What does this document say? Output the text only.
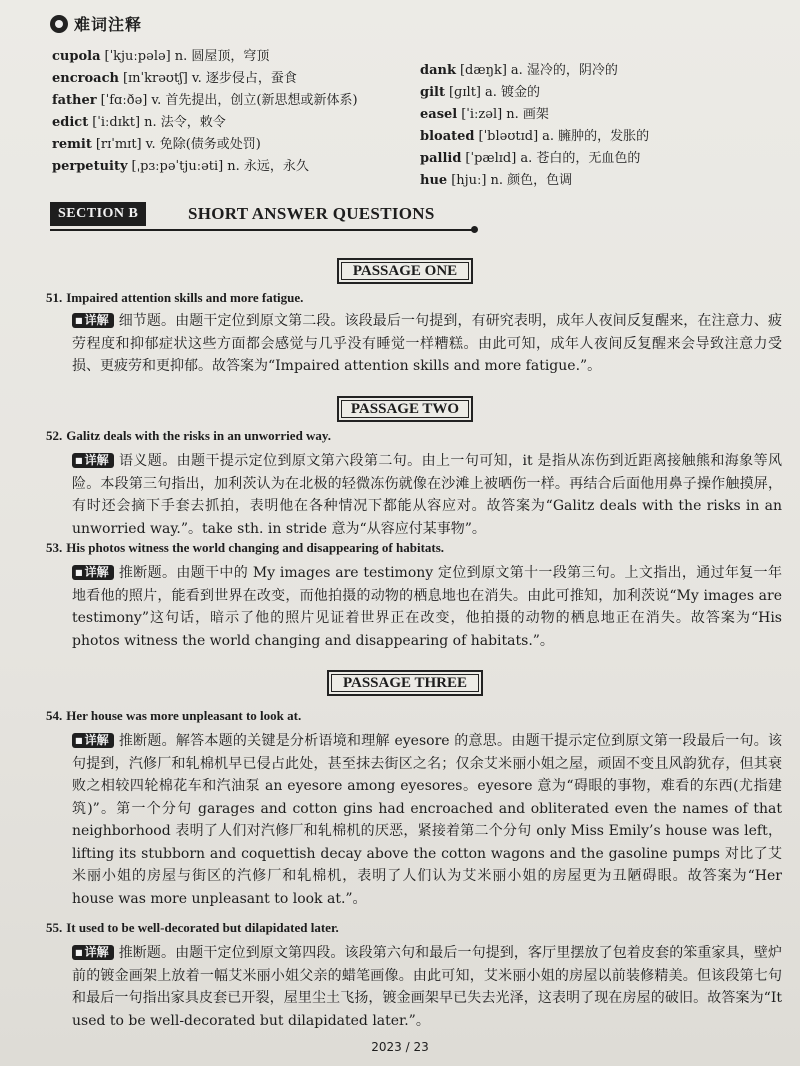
难词注释
cupola [ˈkjuːpələ] n. 圆屋顶，穹顶
encroach [ɪnˈkrəʊtʃ] v. 逐步侵占，蚕食
father [ˈfɑːðə] v. 首先提出，创立(新思想或新体系)
edict [ˈiːdɪkt] n. 法令，敕令
remit [rɪˈmɪt] v. 免除(债务或处罚)
perpetuity [ˌpɜːpəˈtjuːəti] n. 永远，永久
dank [dæŋk] a. 湿冷的，阴冷的
gilt [ɡɪlt] a. 镀金的
easel [ˈiːzəl] n. 画架
bloated [ˈbləʊtɪd] a. 臃肿的，发胀的
pallid [ˈpælɪd] a. 苍白的，无血色的
hue [hjuː] n. 颜色，色调
SECTION B	SHORT ANSWER QUESTIONS
PASSAGE ONE
51. Impaired attention skills and more fatigue.
■ 详解 细节题。由题干定位到原文第二段。该段最后一句提到，有研究表明，成年人夜间反复醒来，在注意力、疲劳程度和抑郁症状这些方面都会感觉与几乎没有睡觉一样糟糕。由此可知，成年人夜间反复醒来会导致注意力受损、更疲劳和更抑郁。故答案为“Impaired attention skills and more fatigue.”。
PASSAGE TWO
52. Galitz deals with the risks in an unworried way.
■ 详解 语义题。由题干提示定位到原文第六段第二句。由上一句可知，it 是指从冻伤到近距离接触熊和海象等风险。本段第三句指出，加利茨认为在北极的轻微冻伤就像在沙滩上被晒伤一样。再结合后面他用鼻子操作触摸屏，有时还会摘下手套去抓拍，表明他在各种情况下都能从容应对。故答案为“Galitz deals with the risks in an unworried way.”。take sth. in stride 意为“从容应付某事物”。
53. His photos witness the world changing and disappearing of habitats.
■ 详解 推断题。由题干中的 My images are testimony 定位到原文第十一段第三句。上文指出，通过年复一年地看他的照片，能看到世界在改变，而他拍摄的动物的栖息地也在消失。由此可推知，加利茨说“My images are testimony”这句话，暗示了他的照片见证着世界正在改变，他拍摄的动物的栖息地正在消失。故答案为“His photos witness the world changing and disappearing of habitats.”。
PASSAGE THREE
54. Her house was more unpleasant to look at.
■ 详解 推断题。解答本题的关键是分析语境和理解 eyesore 的意思。由题干提示定位到原文第一段最后一句。该句提到，汽修厂和轧棉机早已侵占此处，甚至抹去街区之名；仅余艾米丽小姐之屋，顽固不变且风韵犹存，但其衰败之相较四轮棉花车和汽油泵 an eyesore among eyesores。eyesore 意为“碍眼的事物，难看的东西(尤指建筑)”。第一个分句 garages and cotton gins had encroached and obliterated even the names of that neighborhood 表明了人们对汽修厂和轧棉机的厌恶，紧接着第二个分句 only Miss Emily’s house was left，lifting its stubborn and coquettish decay above the cotton wagons and the gasoline pumps 对比了艾米丽小姐的房屋与街区的汽修厂和轧棉机，表明了人们认为艾米丽小姐的房屋更为丑陋碍眼。故答案为“Her house was more unpleasant to look at.”。
55. It used to be well-decorated but dilapidated later.
■ 详解 推断题。由题干定位到原文第四段。该段第六句和最后一句提到，客厅里摆放了包着皮套的笨重家具，壁炉前的镀金画架上放着一幅艾米丽小姐父亲的蜡笔画像。由此可知，艾米丽小姐的房屋以前装修精美。但该段第七句和最后一句指出家具皮套已开裂，屋里尘土飞扬，镀金画架早已失去光泽，这表明了现在房屋的破旧。故答案为“It used to be well-decorated but dilapidated later.”。
2023 / 23
